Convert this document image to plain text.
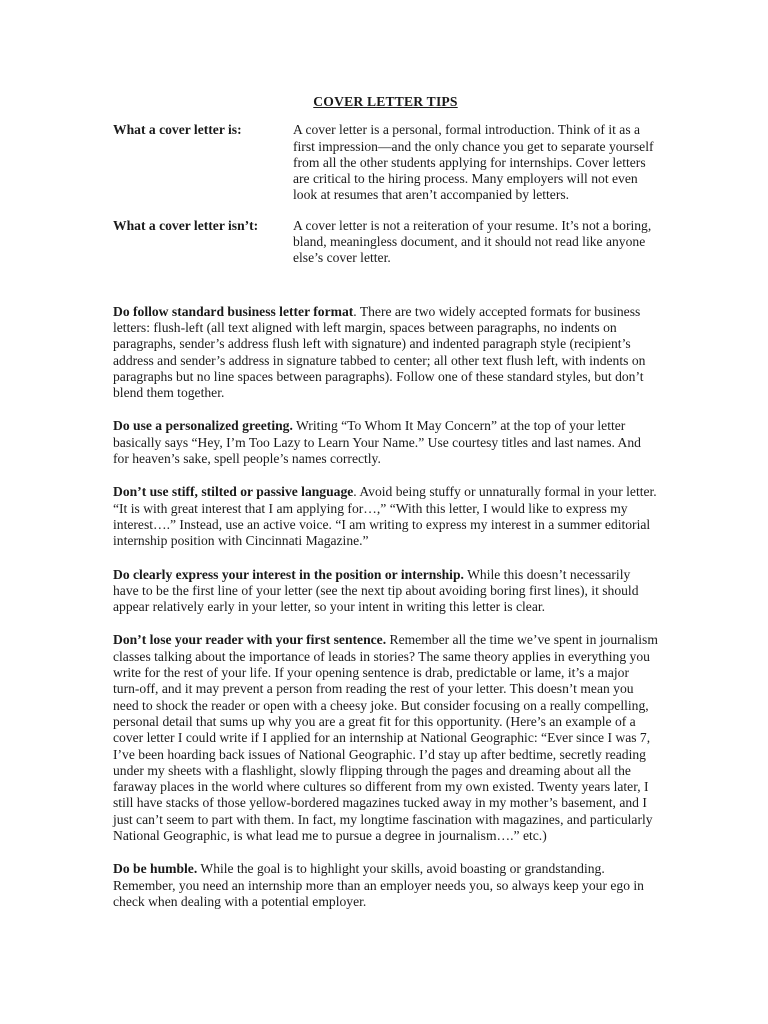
COVER LETTER TIPS
What a cover letter is:	A cover letter is a personal, formal introduction. Think of it as a first impression—and the only chance you get to separate yourself from all the other students applying for internships. Cover letters are critical to the hiring process. Many employers will not even look at resumes that aren’t accompanied by letters.
What a cover letter isn’t:	A cover letter is not a reiteration of your resume. It’s not a boring, bland, meaningless document, and it should not read like anyone else’s cover letter.

Do follow standard business letter format. There are two widely accepted formats for business letters: flush-left (all text aligned with left margin, spaces between paragraphs, no indents on paragraphs, sender’s address flush left with signature) and indented paragraph style (recipient’s address and sender’s address in signature tabbed to center; all other text flush left, with indents on paragraphs but no line spaces between paragraphs). Follow one of these standard styles, but don’t blend them together.

Do use a personalized greeting. Writing “To Whom It May Concern” at the top of your letter basically says “Hey, I’m Too Lazy to Learn Your Name.” Use courtesy titles and last names. And for heaven’s sake, spell people’s names correctly.

Don’t use stiff, stilted or passive language. Avoid being stuffy or unnaturally formal in your letter. “It is with great interest that I am applying for…,” “With this letter, I would like to express my interest….” Instead, use an active voice. “I am writing to express my interest in a summer editorial internship position with Cincinnati Magazine.”

Do clearly express your interest in the position or internship. While this doesn’t necessarily have to be the first line of your letter (see the next tip about avoiding boring first lines), it should appear relatively early in your letter, so your intent in writing this letter is clear.

Don’t lose your reader with your first sentence. Remember all the time we’ve spent in journalism classes talking about the importance of leads in stories? The same theory applies in everything you write for the rest of your life. If your opening sentence is drab, predictable or lame, it’s a major turn-off, and it may prevent a person from reading the rest of your letter. This doesn’t mean you need to shock the reader or open with a cheesy joke. But consider focusing on a really compelling, personal detail that sums up why you are a great fit for this opportunity. (Here’s an example of a cover letter I could write if I applied for an internship at National Geographic: “Ever since I was 7, I’ve been hoarding back issues of National Geographic. I’d stay up after bedtime, secretly reading under my sheets with a flashlight, slowly flipping through the pages and dreaming about all the faraway places in the world where cultures so different from my own existed. Twenty years later, I still have stacks of those yellow-bordered magazines tucked away in my mother’s basement, and I just can’t seem to part with them. In fact, my longtime fascination with magazines, and particularly National Geographic, is what lead me to pursue a degree in journalism….” etc.)

Do be humble. While the goal is to highlight your skills, avoid boasting or grandstanding. Remember, you need an internship more than an employer needs you, so always keep your ego in check when dealing with a potential employer.
